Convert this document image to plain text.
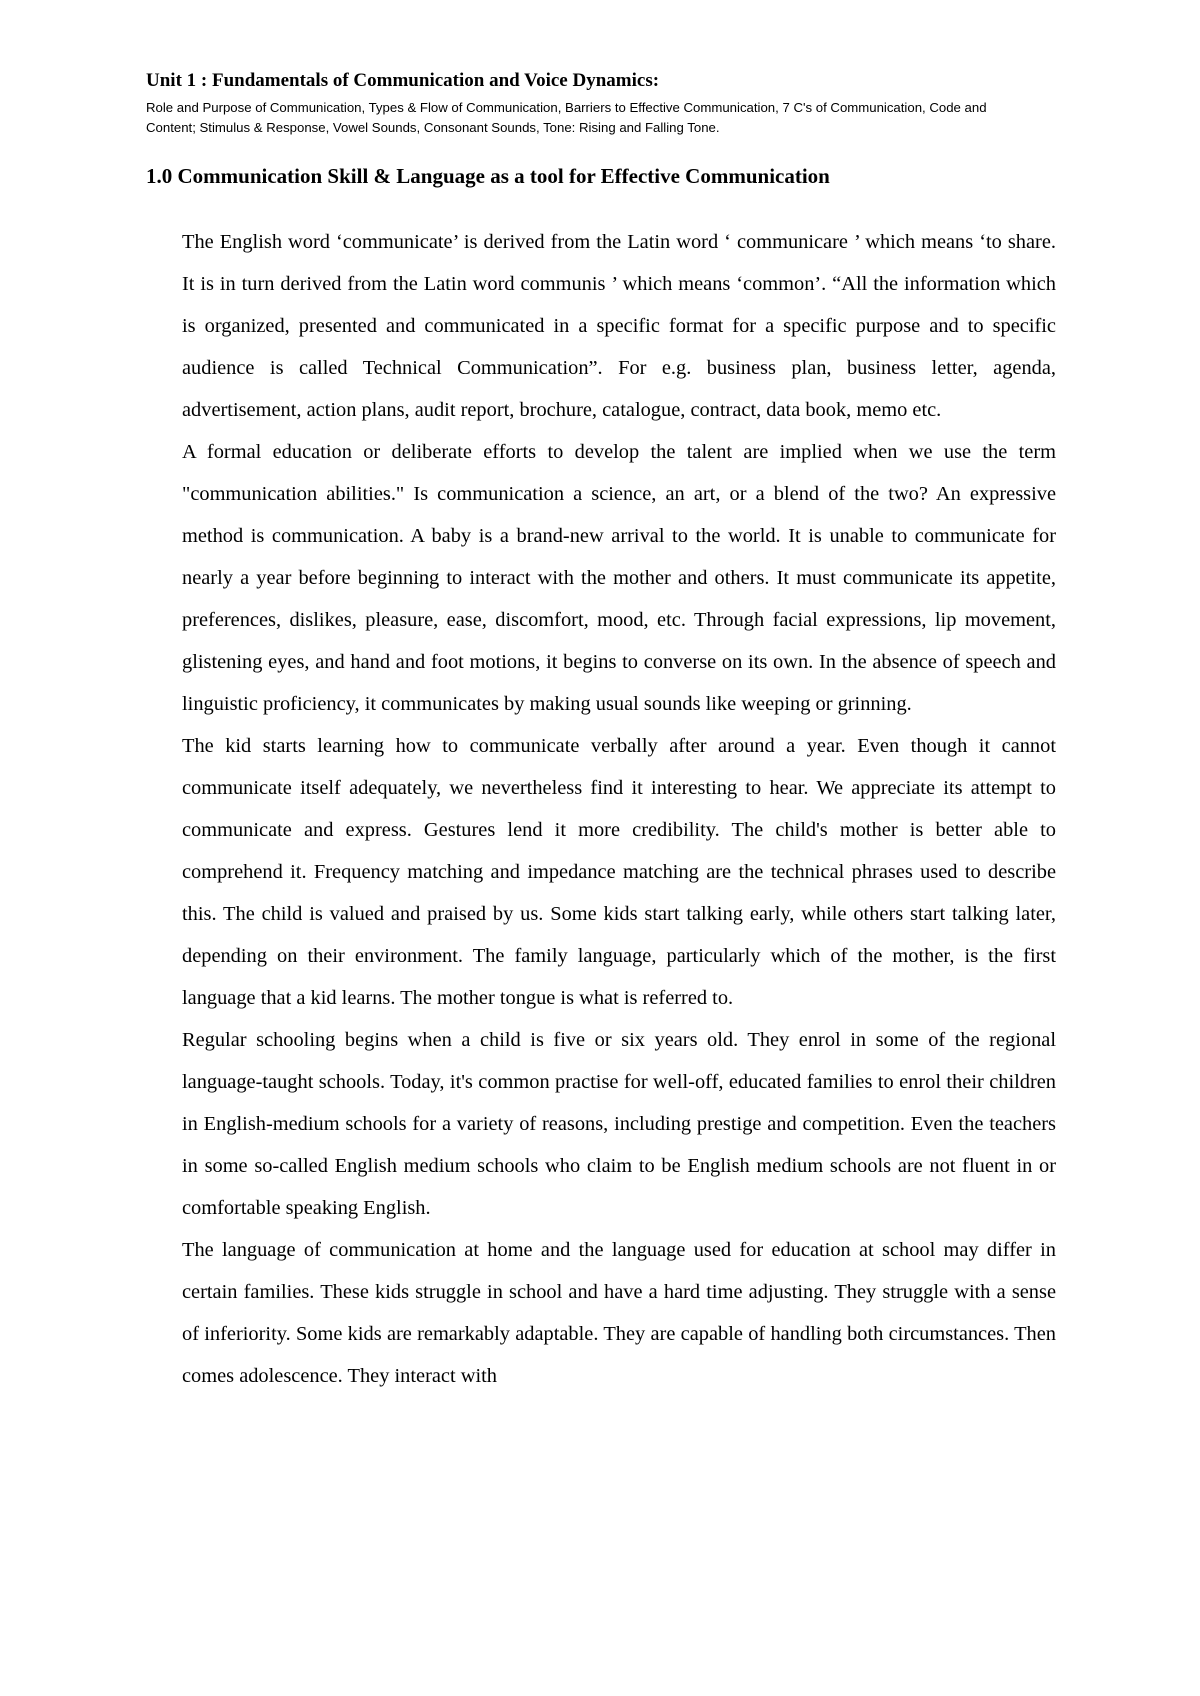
Unit 1 : Fundamentals of Communication and Voice Dynamics:

Role and Purpose of Communication, Types & Flow of Communication, Barriers to Effective Communication, 7 C's of Communication, Code and Content; Stimulus & Response, Vowel Sounds, Consonant Sounds, Tone: Rising and Falling Tone.

1.0 Communication Skill & Language as a tool for Effective Communication

The English word ‘communicate’ is derived from the Latin word ‘ communicare ’ which means ‘to share. It is in turn derived from the Latin word communis ’ which means ‘common’. “All the information which is organized, presented and communicated in a specific format for a specific purpose and to specific audience is called Technical Communication”. For e.g. business plan, business letter, agenda, advertisement, action plans, audit report, brochure, catalogue, contract, data book, memo etc.

A formal education or deliberate efforts to develop the talent are implied when we use the term "communication abilities." Is communication a science, an art, or a blend of the two? An expressive method is communication. A baby is a brand-new arrival to the world. It is unable to communicate for nearly a year before beginning to interact with the mother and others. It must communicate its appetite, preferences, dislikes, pleasure, ease, discomfort, mood, etc. Through facial expressions, lip movement, glistening eyes, and hand and foot motions, it begins to converse on its own. In the absence of speech and linguistic proficiency, it communicates by making usual sounds like weeping or grinning.

The kid starts learning how to communicate verbally after around a year. Even though it cannot communicate itself adequately, we nevertheless find it interesting to hear. We appreciate its attempt to communicate and express. Gestures lend it more credibility. The child's mother is better able to comprehend it. Frequency matching and impedance matching are the technical phrases used to describe this. The child is valued and praised by us. Some kids start talking early, while others start talking later, depending on their environment. The family language, particularly which of the mother, is the first language that a kid learns. The mother tongue is what is referred to.

Regular schooling begins when a child is five or six years old. They enrol in some of the regional language-taught schools. Today, it's common practise for well-off, educated families to enrol their children in English-medium schools for a variety of reasons, including prestige and competition. Even the teachers in some so-called English medium schools who claim to be English medium schools are not fluent in or comfortable speaking English.

The language of communication at home and the language used for education at school may differ in certain families. These kids struggle in school and have a hard time adjusting. They struggle with a sense of inferiority. Some kids are remarkably adaptable. They are capable of handling both circumstances. Then comes adolescence. They interact with
